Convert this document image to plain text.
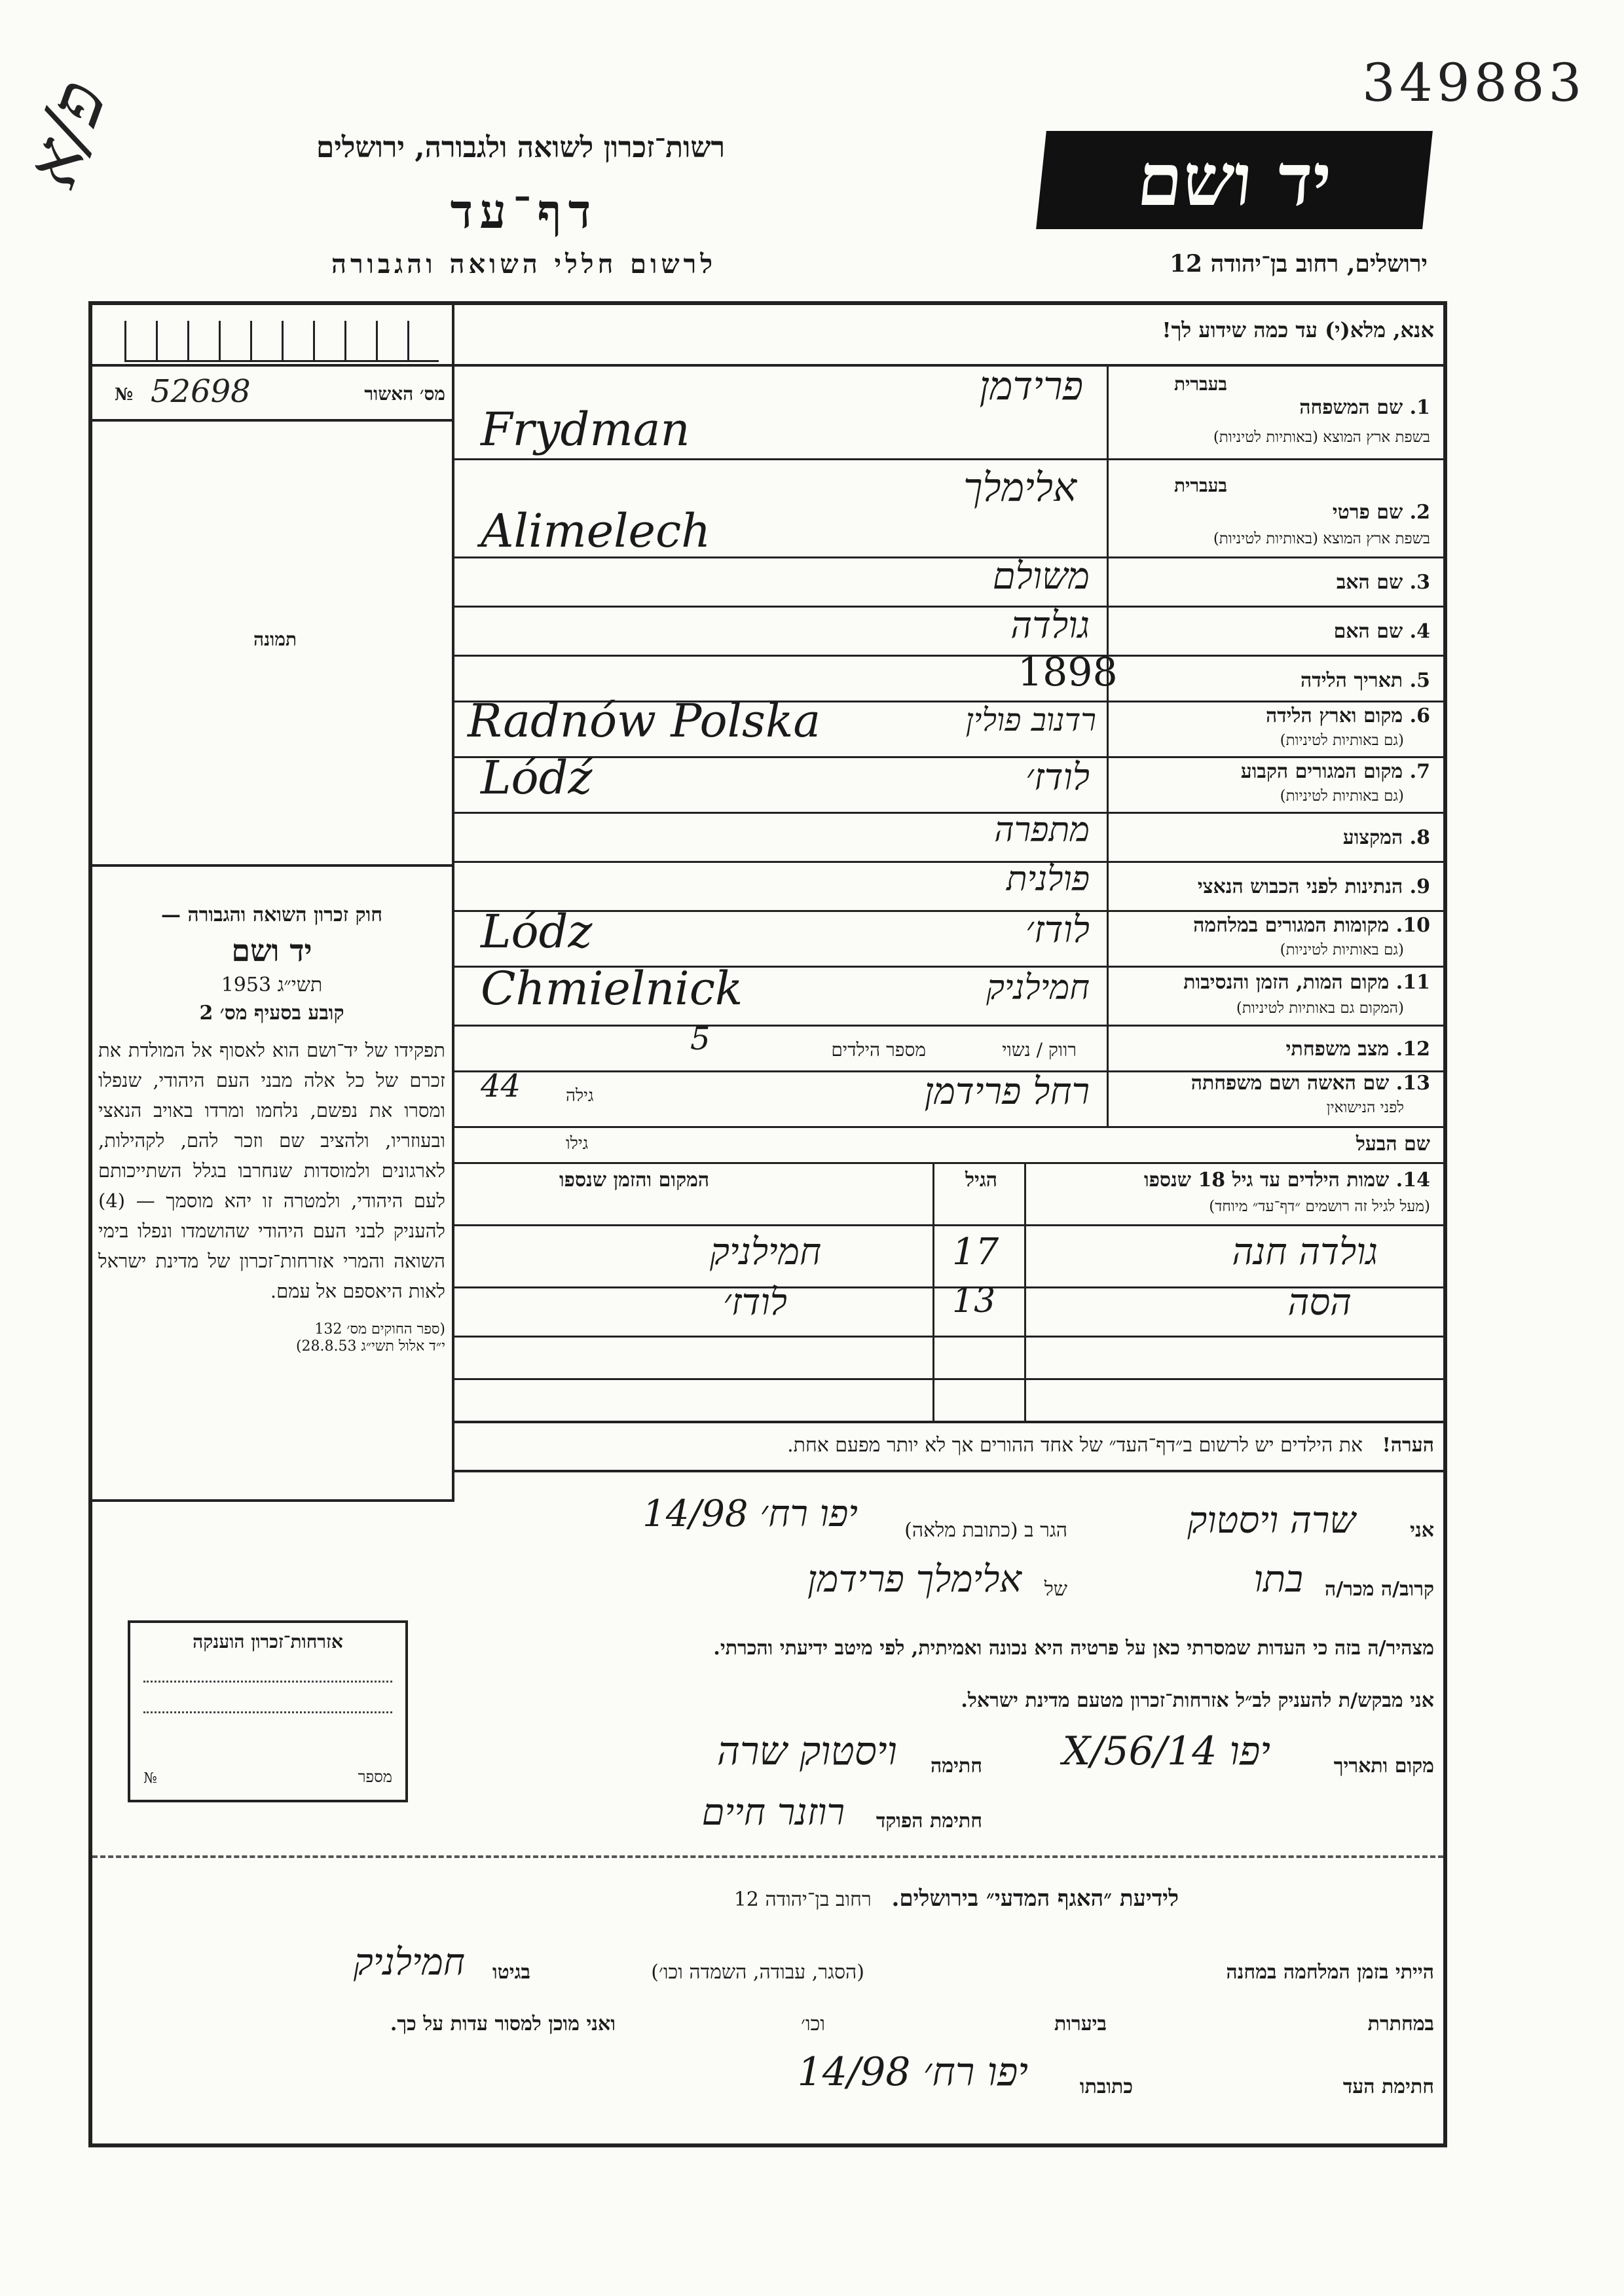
פ/א	349883
רשות־זכרון לשואה ולגבורה, ירושלים
דף־עד
לרשום חללי השואה והגבורה
יד ושם
ירושלים, רחוב בן־יהודה 12
אנא, מלא(י) עד כמה שידוע לך!
מס׳ האשור
52698
№
תמונה
חוק זכרון השואה והגבורה —
יד ושם
תשי״ג 1953
קובע בסעיף מס׳ 2
תפקידו של יד־ושם הוא לאסוף אל המולדת את זכרם של כל אלה מבני העם היהודי, שנפלו ומסרו את נפשם, נלחמו ומרדו באויב הנאצי ובעוזריו, ולהציב שם וזכר להם, לקהילות, לארגונים ולמוסדות שנחרבו בגלל השתייכותם לעם היהודי, ולמטרה זו יהא מוסמך — (4) להעניק לבני העם היהודי שהושמדו ונפלו בימי השואה והמרי אזרחות־זכרון של מדינת ישראל לאות היאספם אל עמם.
(ספר החוקים מס׳ 132
י״ד אלול תשי״ג 28.8.53)
אזרחות־זכרון הוענקה
מספר
№
1. שם המשפחה
בשפת ארץ המוצא (באותיות לטיניות)
בעברית
פרידמן
Frydman
2. שם פרטי
בשפת ארץ המוצא (באותיות לטיניות)
בעברית
אלימלך
Alimelech
3. שם האב
משולם
4. שם האם
גולדה
5. תאריך הלידה
1898
6. מקום וארץ הלידה
(גם באותיות לטיניות)
רדנוב פולין
Radnów Polska
7. מקום המגורים הקבוע
(גם באותיות לטיניות)
לודז׳
Lódź
8. המקצוע
מתפרה
9. הנתינות לפני הכבוש הנאצי
פולנית
10. מקומות המגורים במלחמה
(גם באותיות לטיניות)
לודז׳
Lódz
11. מקום המות, הזמן והנסיבות
(המקום גם באותיות לטיניות)
חמילניק
Chmielnick
12. מצב משפחתי
רווק / נשוי
מספר הילדים
5
13. שם האשה ושם משפחתה
לפני הנישואין
רחל פרידמן
גילה
44
שם הבעל
גילו
14. שמות הילדים עד גיל 18 שנספו
(מעל לגיל זה רושמים ״דף־עד״ מיוחד)
הגיל
המקום והזמן שנספו
גולדה חנה
17
חמילניק
הסה
13
לודז׳
הערה! את הילדים יש לרשום ב״דף־העד״ של אחד ההורים אך לא יותר מפעם אחת.
אני
שרה ויסטוק
הגר ב (כתובת מלאה)
יפו רח׳ 14/98
קרוב/ה מכר/ה
בתו
של
אלימלך פרידמן
מצהיר/ה בזה כי העדות שמסרתי כאן על פרטיה היא נכונה ואמיתית, לפי מיטב ידיעתי והכרתי.
אני מבקש/ת להעניק לב״ל אזרחות־זכרון מטעם מדינת ישראל.
מקום ותאריך
יפו 14/X/56
חתימה
ויסטוק שרה
חתימת הפוקד
רוזנר חיים
לידיעת ״האגף המדעי״ בירושלים. רחוב בן־יהודה 12
הייתי בזמן המלחמה במחנה
(הסגר, עבודה, השמדה וכו׳)
בגיטו
חמילניק
במחתרת
ביערות
וכו׳
ואני מוכן למסור עדות על כך.
חתימת העד
כתובתו
יפו רח׳ 14/98
